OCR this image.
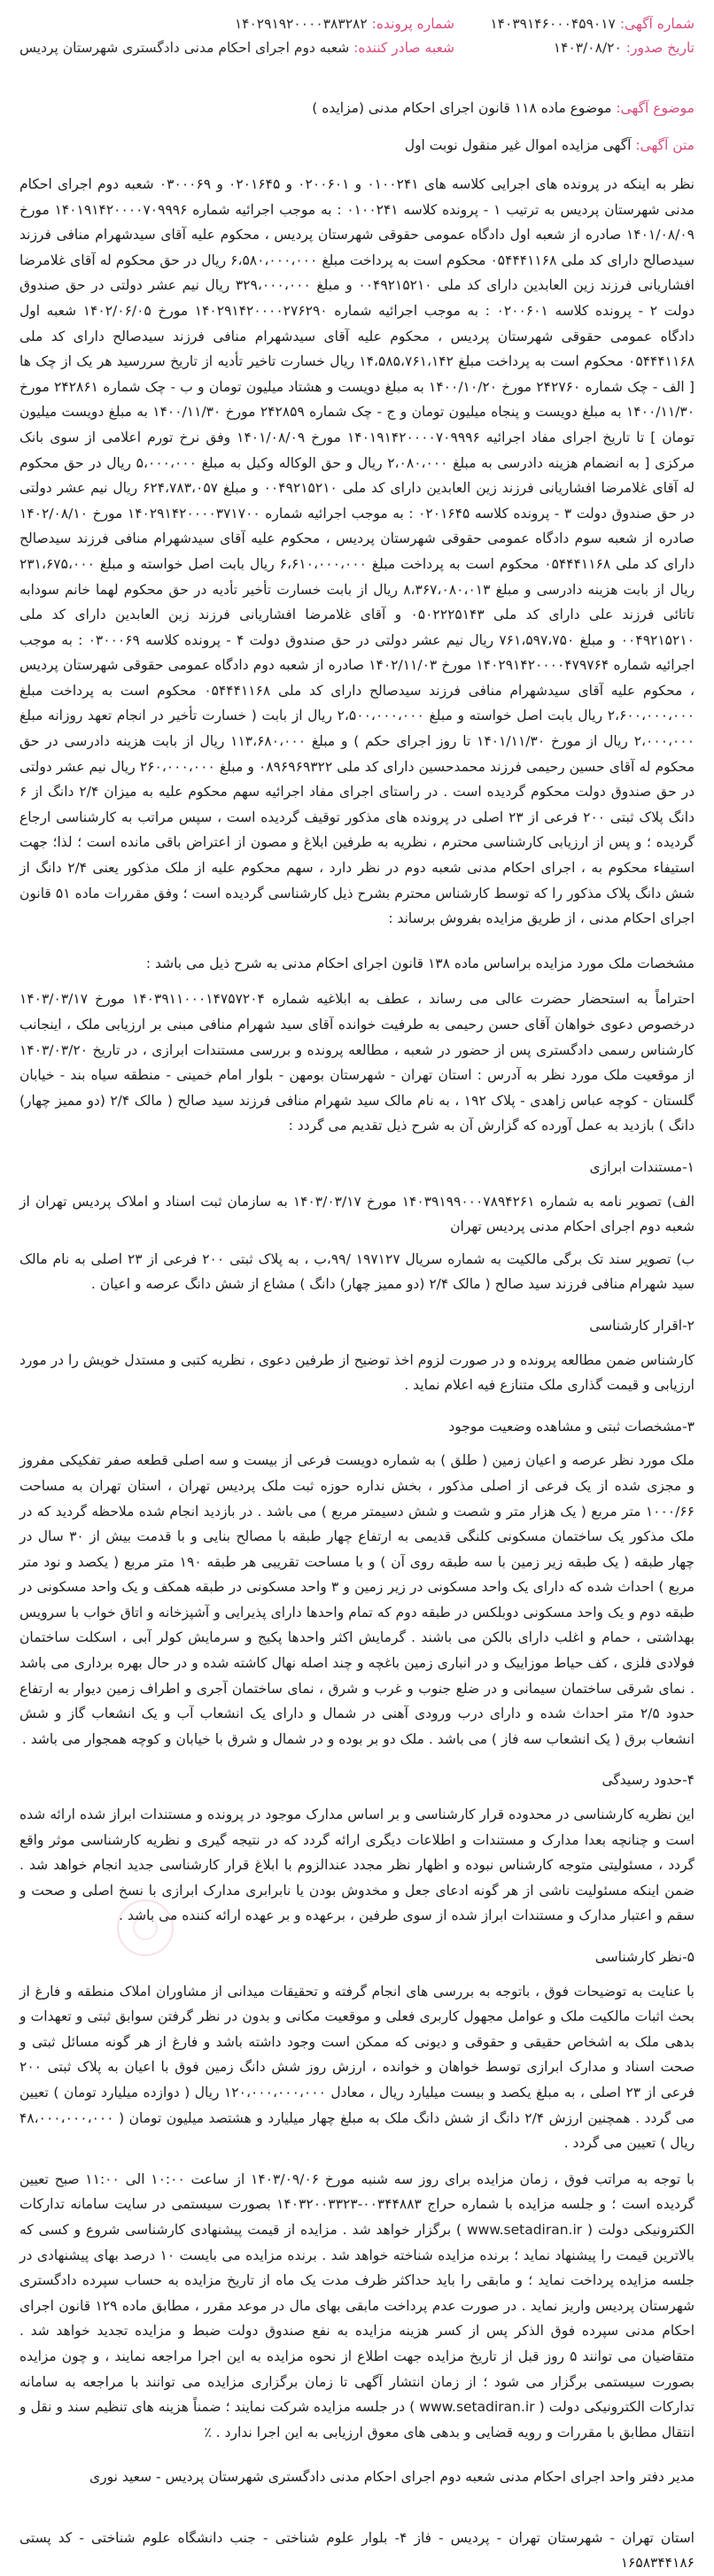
شماره آگهی: ۱۴۰۳۹۱۴۶۰۰۰۴۵۹۰۱۷
تاریخ صدور: ۱۴۰۳/۰۸/۲۰
شماره پرونده: ۱۴۰۲۹۱۹۲۰۰۰۰۳۸۳۲۸۲
شعبه صادر کننده: شعبه دوم اجرای احکام مدنی دادگستری شهرستان پردیس
موضوع آگهی: موضوع ماده ۱۱۸ قانون اجرای احکام مدنی (مزایده )
متن آگهی: آگهی مزایده اموال غیر منقول نوبت اول

نظر به اینکه در پرونده های اجرایی کلاسه های ۰۱۰۰۲۴۱ و ۰۲۰۰۶۰۱ و ۰۲۰۱۶۴۵ و ۰۳۰۰۰۶۹ شعبه دوم اجرای احکام مدنی شهرستان پردیس به ترتیب ۱ - پرونده کلاسه ۰۱۰۰۲۴۱ : به موجب اجرائیه شماره ۱۴۰۱۹۱۴۲۰۰۰۰۷۰۹۹۹۶ مورخ ۱۴۰۱/۰۸/۰۹ صادره از شعبه اول دادگاه عمومی حقوقی شهرستان پردیس ، محکوم علیه آقای سیدشهرام منافی فرزند سیدصالح دارای کد ملی ۰۵۴۴۴۱۱۶۸ محکوم است به پرداخت مبلغ ۶،۵۸۰،۰۰۰،۰۰۰ ریال در حق محکوم له آقای غلامرضا افشاریانی فرزند زین العابدین دارای کد ملی ۰۰۴۹۲۱۵۲۱۰ و مبلغ ۳۲۹،۰۰۰،۰۰۰ ریال نیم عشر دولتی در حق صندوق دولت ۲ - پرونده کلاسه ۰۲۰۰۶۰۱ : به موجب اجرائیه شماره ۱۴۰۲۹۱۴۲۰۰۰۰۲۷۶۲۹۰ مورخ ۱۴۰۲/۰۶/۰۵ شعبه اول دادگاه عمومی حقوقی شهرستان پردیس ، محکوم علیه آقای سیدشهرام منافی فرزند سیدصالح دارای کد ملی ۰۵۴۴۴۱۱۶۸ محکوم است به پرداخت مبلغ ۱۴،۵۸۵،۷۶۱،۱۴۲ ریال خسارت تاخیر تأدیه از تاریخ سررسید هر یک از چک ها [ الف - چک شماره ۲۴۲۷۶۰ مورخ ۱۴۰۰/۱۰/۲۰ به مبلغ دویست و هشتاد میلیون تومان و ب - چک شماره ۲۴۲۸۶۱ مورخ ۱۴۰۰/۱۱/۳۰ به مبلغ دویست و پنجاه میلیون تومان و ج - چک شماره ۲۴۲۸۵۹ مورخ ۱۴۰۰/۱۱/۳۰ به مبلغ دویست میلیون تومان ] تا تاریخ اجرای مفاد اجرائیه ۱۴۰۱۹۱۴۲۰۰۰۰۷۰۹۹۹۶ مورخ ۱۴۰۱/۰۸/۰۹ وفق نرخ تورم اعلامی از سوی بانک مرکزی [ به انضمام هزینه دادرسی به مبلغ ۲،۰۸۰،۰۰۰ ریال و حق الوکاله وکیل به مبلغ ۵،۰۰۰،۰۰۰ ریال در حق محکوم له آقای غلامرضا افشاریانی فرزند زین العابدین دارای کد ملی ۰۰۴۹۲۱۵۲۱۰ و مبلغ ۶۲۴،۷۸۳،۰۵۷ ریال نیم عشر دولتی در حق صندوق دولت ۳ - پرونده کلاسه ۰۲۰۱۶۴۵ : به موجب اجرائیه شماره ۱۴۰۲۹۱۴۲۰۰۰۰۳۷۱۷۰۰ مورخ ۱۴۰۲/۰۸/۱۰ صادره از شعبه سوم دادگاه عمومی حقوقی شهرستان پردیس ، محکوم علیه آقای سیدشهرام منافی فرزند سیدصالح دارای کد ملی ۰۵۴۴۴۱۱۶۸ محکوم است به پرداخت مبلغ ۶،۶۱۰،۰۰۰،۰۰۰ ریال بابت اصل خواسته و مبلغ ۲۳۱،۶۷۵،۰۰۰ ریال از بابت هزینه دادرسی و مبلغ ۸،۳۶۷،۰۸۰،۰۱۳ ریال از بابت خسارت تأخیر تأدیه در حق محکوم لهما خانم سودابه تاتائی فرزند علی دارای کد ملی ۰۵۰۲۲۲۵۱۴۳ و آقای غلامرضا افشاریانی فرزند زین العابدین دارای کد ملی ۰۰۴۹۲۱۵۲۱۰ و مبلغ ۷۶۱،۵۹۷،۷۵۰ ریال نیم عشر دولتی در حق صندوق دولت ۴ - پرونده کلاسه ۰۳۰۰۰۶۹ : به موجب اجرائیه شماره ۱۴۰۲۹۱۴۲۰۰۰۰۴۷۹۷۶۴ مورخ ۱۴۰۲/۱۱/۰۳ صادره از شعبه دوم دادگاه عمومی حقوقی شهرستان پردیس ، محکوم علیه آقای سیدشهرام منافی فرزند سیدصالح دارای کد ملی ۰۵۴۴۴۱۱۶۸ محکوم است به پرداخت مبلغ ۲،۶۰۰،۰۰۰،۰۰۰ ریال بابت اصل خواسته و مبلغ ۲،۵۰۰،۰۰۰،۰۰۰ ریال از بابت ( خسارت تأخیر در انجام تعهد روزانه مبلغ ۲،۰۰۰،۰۰۰ ریال از مورخ ۱۴۰۱/۱۱/۳۰ تا روز اجرای حکم ) و مبلغ ۱۱۳،۶۸۰،۰۰۰ ریال از بابت هزینه دادرسی در حق محکوم له آقای حسین رحیمی فرزند محمدحسین دارای کد ملی ۰۸۹۶۹۶۹۳۲۲ و مبلغ ۲۶۰،۰۰۰،۰۰۰ ریال نیم عشر دولتی در حق صندوق دولت محکوم گردیده است . در راستای اجرای مفاد اجرائیه سهم محکوم علیه به میزان ۲/۴ دانگ از ۶ دانگ پلاک ثبتی ۲۰۰ فرعی از ۲۳ اصلی در پرونده های مذکور توقیف گردیده است ، سپس مراتب به کارشناسی ارجاع گردیده ؛ و پس از ارزیابی کارشناسی محترم ، نظریه به طرفین ابلاغ و مصون از اعتراض باقی مانده است ؛ لذا؛ جهت استیفاء محکوم به ، اجرای احکام مدنی شعبه دوم در نظر دارد ، سهم محکوم علیه از ملک مذکور یعنی ۲/۴ دانگ از شش دانگ پلاک مذکور را که توسط کارشناس محترم بشرح ذیل کارشناسی گردیده است ؛ وفق مقررات ماده ۵۱ قانون اجرای احکام مدنی ، از طریق مزایده بفروش برساند :

مشخصات ملک مورد مزایده براساس ماده ۱۳۸ قانون اجرای احکام مدنی به شرح ذیل می باشد :

احتراماً به استحضار حضرت عالی می رساند ، عطف به ابلاغیه شماره ۱۴۰۳۹۱۱۰۰۰۱۴۷۵۷۲۰۴ مورخ ۱۴۰۳/۰۳/۱۷ درخصوص دعوی خواهان آقای حسن رحیمی به طرفیت خوانده آقای سید شهرام منافی مبنی بر ارزیابی ملک ، اینجانب کارشناس رسمی دادگستری پس از حضور در شعبه ، مطالعه پرونده و بررسی مستندات ابرازی ، در تاریخ ۱۴۰۳/۰۳/۲۰ از موقعیت ملک مورد نظر به آدرس : استان تهران - شهرستان بومهن - بلوار امام خمینی - منطقه سیاه بند - خیابان گلستان - کوچه عباس زاهدی - پلاک ۱۹۲ ، به نام مالک سید شهرام منافی فرزند سید صالح ( مالک ۲/۴ (دو ممیز چهار) دانگ ) بازدید به عمل آورده که گزارش آن به شرح ذیل تقدیم می گردد :

۱-مستندات ابرازی

الف) تصویر نامه به شماره ۱۴۰۳۹۱۹۹۰۰۰۷۸۹۴۲۶۱ مورخ ۱۴۰۳/۰۳/۱۷ به سازمان ثبت اسناد و املاک پردیس تهران از شعبه دوم اجرای احکام مدنی پردیس تهران

ب) تصویر سند تک برگی مالکیت به شماره سریال ۱۹۷۱۲۷ /۹۹،ب ، به پلاک ثبتی ۲۰۰ فرعی از ۲۳ اصلی به نام مالک سید شهرام منافی فرزند سید صالح ( مالک ۲/۴ (دو ممیز چهار) دانگ ) مشاع از شش دانگ عرصه و اعیان .

۲-اقرار کارشناسی

کارشناس ضمن مطالعه پرونده و در صورت لزوم اخذ توضیح از طرفین دعوی ، نظریه کتبی و مستدل خویش را در مورد ارزیابی و قیمت گذاری ملک متنازع فیه اعلام نماید .

۳-مشخصات ثبتی و مشاهده وضعیت موجود

ملک مورد نظر عرصه و اعیان زمین ( طلق ) به شماره دویست فرعی از بیست و سه اصلی قطعه صفر تفکیکی مفروز و مجزی شده از یک فرعی از اصلی مذکور ، بخش نداره حوزه ثبت ملک پردیس تهران ، استان تهران به مساحت ۱۰۰۰/۶۶ متر مربع ( یک هزار متر و شصت و شش دسیمتر مربع ) می باشد . در بازدید انجام شده ملاحظه گردید که در ملک مذکور یک ساختمان مسکونی کلنگی قدیمی به ارتفاع چهار طبقه با مصالح بنایی و با قدمت بیش از ۳۰ سال در چهار طبقه ( یک طبقه زیر زمین با سه طبقه روی آن ) و با مساحت تقریبی هر طبقه ۱۹۰ متر مربع ( یکصد و نود متر مربع ) احداث شده که دارای یک واحد مسکونی در زیر زمین و ۳ واحد مسکونی در طبقه همکف و یک واحد مسکونی در طبقه دوم و یک واحد مسکونی دوبلکس در طبقه دوم که تمام واحدها دارای پذیرایی و آشپزخانه و اتاق خواب با سرویس بهداشتی ، حمام و اغلب دارای بالکن می باشند . گرمایش اکثر واحدها پکیج و سرمایش کولر آبی ، اسکلت ساختمان فولادی فلزی ، کف حیاط موزاییک و در انباری زمین باغچه و چند اصله نهال کاشته شده و در حال بهره برداری می باشد . نمای شرقی ساختمان سیمانی و در ضلع جنوب و غرب و شرق ، نمای ساختمان آجری و اطراف زمین دیوار به ارتفاع حدود ۲/۵ متر احداث شده و دارای درب ورودی آهنی در شمال و دارای یک انشعاب آب و یک انشعاب گاز و شش انشعاب برق ( یک انشعاب سه فاز ) می باشد . ملک دو بر بوده و در شمال و شرق با خیابان و کوچه همجوار می باشد .

۴-حدود رسیدگی

این نظریه کارشناسی در محدوده قرار کارشناسی و بر اساس مدارک موجود در پرونده و مستندات ابراز شده ارائه شده است و چنانچه بعدا مدارک و مستندات و اطلاعات دیگری ارائه گردد که در نتیجه گیری و نظریه کارشناسی موثر واقع گردد ، مسئولیتی متوجه کارشناس نبوده و اظهار نظر مجدد عندالزوم با ابلاغ قرار کارشناسی جدید انجام خواهد شد . ضمن اینکه مسئولیت ناشی از هر گونه ادعای جعل و مخدوش بودن یا نابرابری مدارک ابرازی با نسخ اصلی و صحت و سقم و اعتبار مدارک و مستندات ابراز شده از سوی طرفین ، برعهده و بر عهده ارائه کننده می باشد .

۵-نظر کارشناسی

با عنایت به توضیحات فوق ، باتوجه به بررسی های انجام گرفته و تحقیقات میدانی از مشاوران املاک منطقه و فارغ از بحث اثبات مالکیت ملک و عوامل مجهول کاربری فعلی و موقعیت مکانی و بدون در نظر گرفتن سوابق ثبتی و تعهدات و بدهی ملک به اشخاص حقیقی و حقوقی و دیونی که ممکن است وجود داشته باشد و فارغ از هر گونه مسائل ثبتی و صحت اسناد و مدارک ابرازی توسط خواهان و خوانده ، ارزش روز شش دانگ زمین فوق با اعیان به پلاک ثبتی ۲۰۰ فرعی از ۲۳ اصلی ، به مبلغ یکصد و بیست میلیارد ریال ، معادل ۱۲۰،۰۰۰،۰۰۰،۰۰۰ ریال ( دوازده میلیارد تومان ) تعیین می گردد . همچنین ارزش ۲/۴ دانگ از شش دانگ ملک به مبلغ چهار میلیارد و هشتصد میلیون تومان ( ۴۸،۰۰۰،۰۰۰،۰۰۰ ریال ) تعیین می گردد .

با توجه به مراتب فوق ، زمان مزایده برای روز سه شنبه مورخ ۱۴۰۳/۰۹/۰۶ از ساعت ۱۰:۰۰ الی ۱۱:۰۰ صبح تعیین گردیده است ؛ و جلسه مزایده با شماره حراج ۰۰۳۴۴۸۸۳-۱۴۰۳۲۰۰۳۳۲۳ بصورت سیستمی در سایت سامانه تدارکات الکترونیکی دولت ( www.setadiran.ir ) برگزار خواهد شد . مزایده از قیمت پیشنهادی کارشناسی شروع و کسی که بالاترین قیمت را پیشنهاد نماید ؛ برنده مزایده شناخته خواهد شد . برنده مزایده می بایست ۱۰ درصد بهای پیشنهادی در جلسه مزایده پرداخت نماید ؛ و مابقی را باید حداکثر ظرف مدت یک ماه از تاریخ مزایده به حساب سپرده دادگستری شهرستان پردیس واریز نماید . در صورت عدم پرداخت مابقی بهای مال در موعد مقرر ، مطابق ماده ۱۲۹ قانون اجرای احکام مدنی سپرده فوق الذکر پس از کسر هزینه مزایده به نفع صندوق دولت ضبط و مزایده تجدید خواهد شد . متقاضیان می توانند ۵ روز قبل از تاریخ مزایده جهت اطلاع از نحوه مزایده به این اجرا مراجعه نمایند ، و چون مزایده بصورت سیستمی برگزار می شود ؛ از زمان انتشار آگهی تا زمان برگزاری مزایده می توانند با مراجعه به سامانه تدارکات الکترونیکی دولت ( www.setadiran.ir ) در جلسه مزایده شرکت نمایند ؛ ضمناً هزینه های تنظیم سند و نقل و انتقال مطابق با مقررات و رویه قضایی و بدهی های معوق ارزیابی به این اجرا ندارد . ٪

مدیر دفتر واحد اجرای احکام مدنی شعبه دوم اجرای احکام مدنی دادگستری شهرستان پردیس - سعید نوری

استان تهران - شهرستان تهران - پردیس - فاز ۴- بلوار علوم شناختی - جنب دانشگاه علوم شناختی - کد پستی ۱۶۵۸۳۴۴۱۸۶
